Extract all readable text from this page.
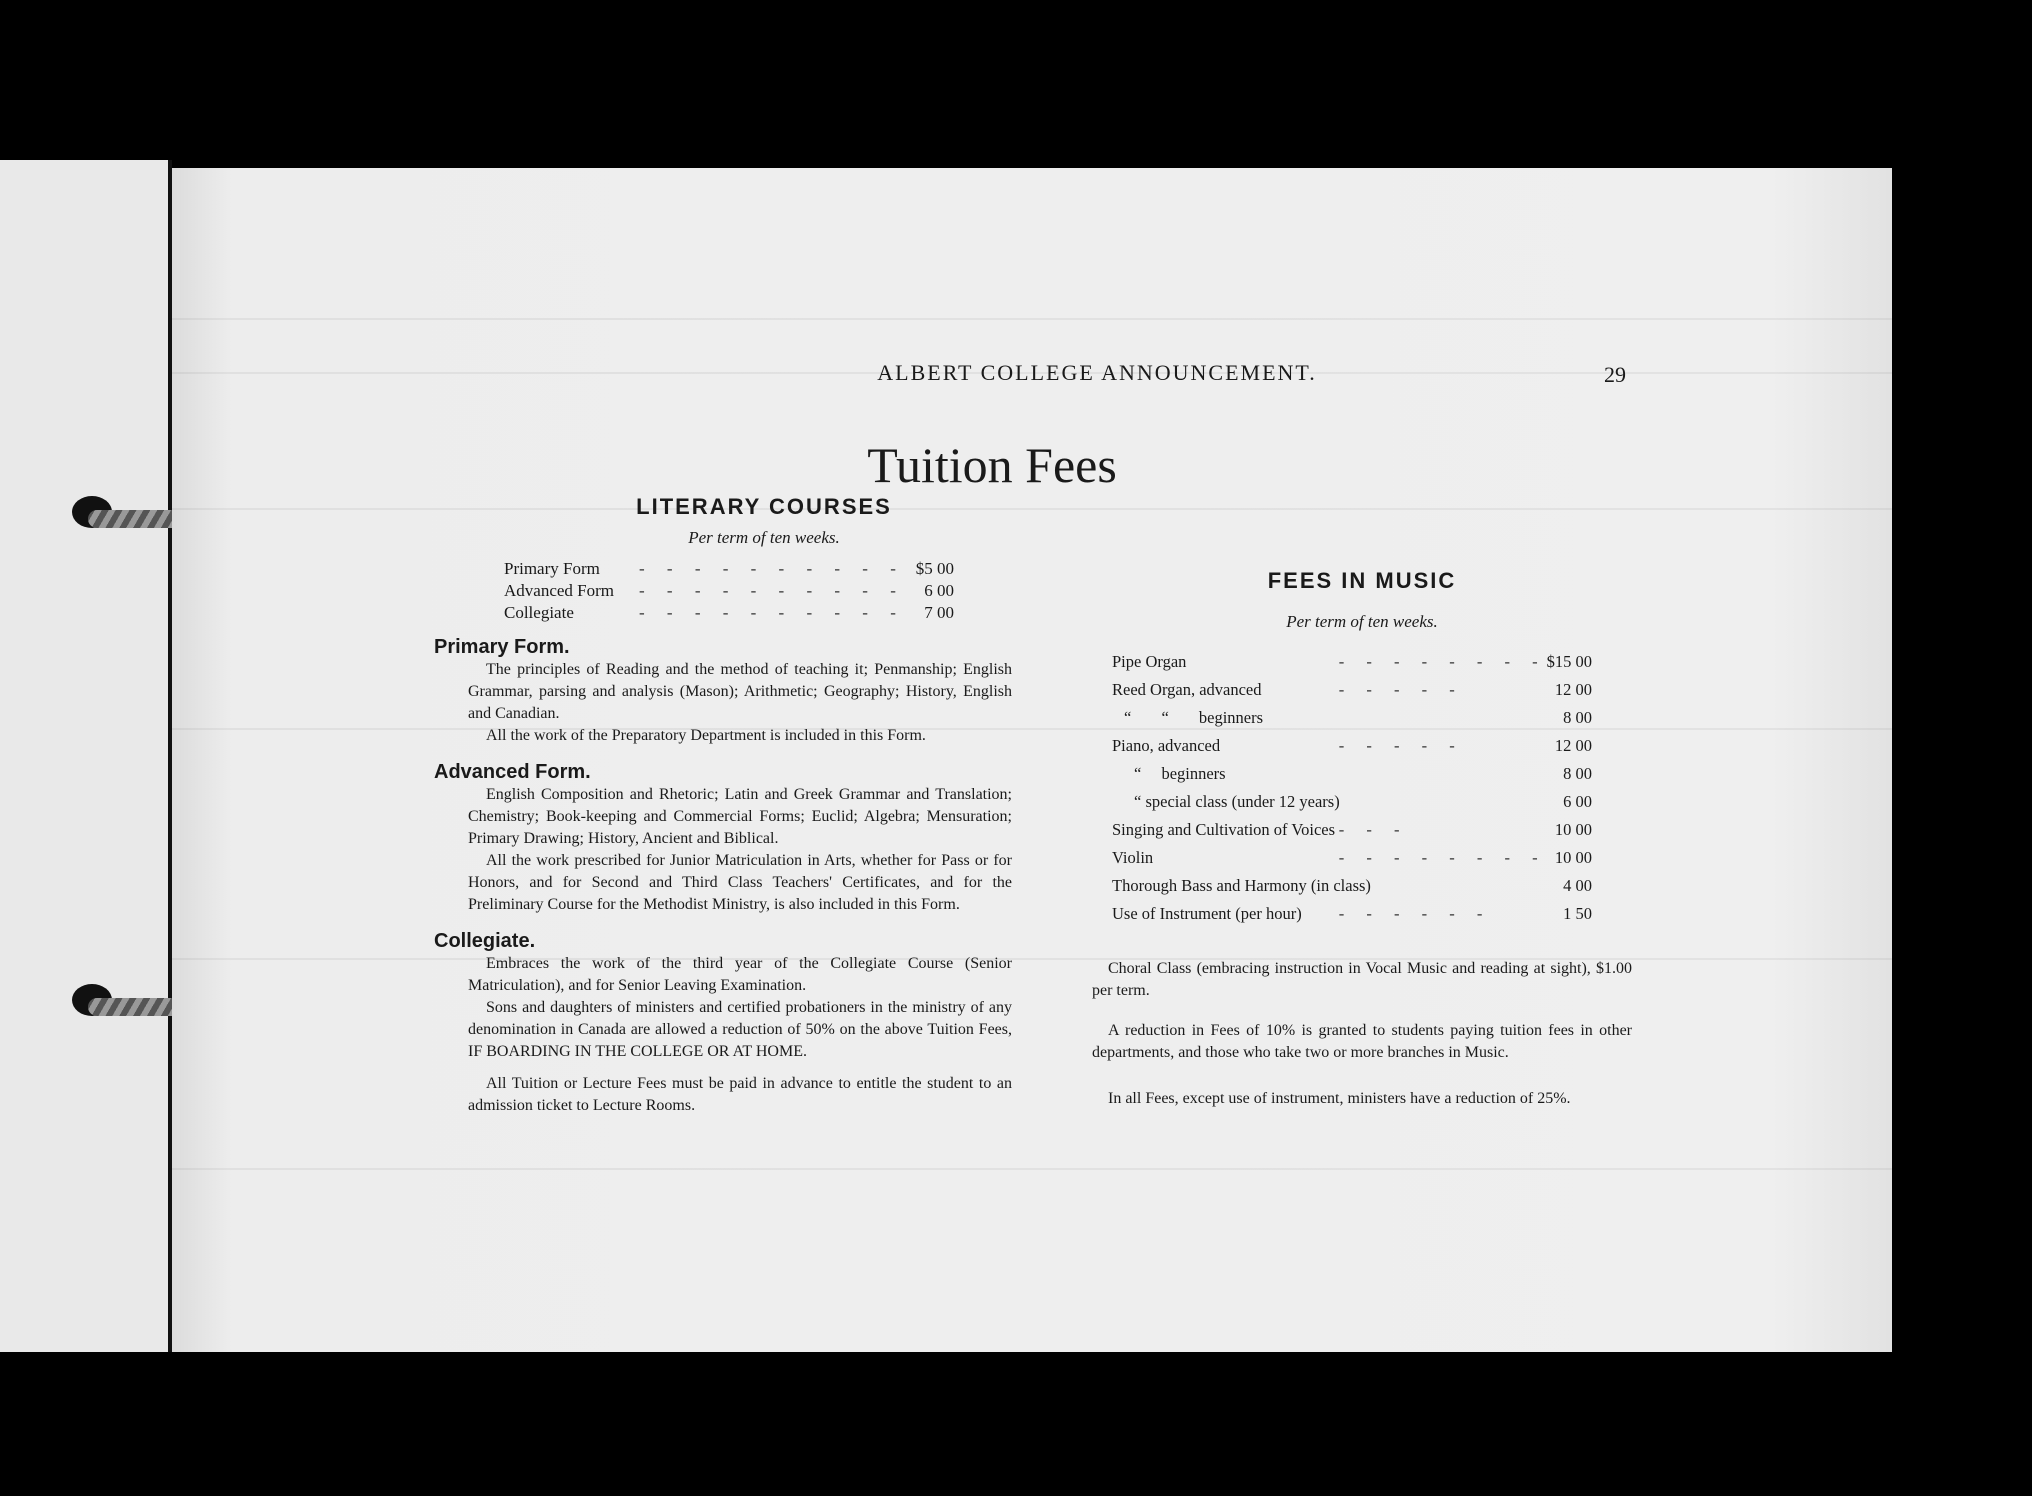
ALBERT COLLEGE ANNOUNCEMENT.	29
Tuition Fees
LITERARY COURSES
Per term of ten weeks.
Primary Form	- - - - - - - - - -	$5 00
Advanced Form	- - - - - - - - - -	6 00
Collegiate	- - - - - - - - - -	7 00
Primary Form.
The principles of Reading and the method of teaching it; Penmanship; English Grammar, parsing and analysis (Mason); Arithmetic; Geography; History, English and Canadian.
All the work of the Preparatory Department is included in this Form.
Advanced Form.
English Composition and Rhetoric; Latin and Greek Grammar and Translation; Chemistry; Book-keeping and Commercial Forms; Euclid; Algebra; Mensuration; Primary Drawing; History, Ancient and Biblical.
All the work prescribed for Junior Matriculation in Arts, whether for Pass or for Honors, and for Second and Third Class Teachers' Certificates, and for the Preliminary Course for the Methodist Ministry, is also included in this Form.
Collegiate.
Embraces the work of the third year of the Collegiate Course (Senior Matriculation), and for Senior Leaving Examination.
Sons and daughters of ministers and certified probationers in the ministry of any denomination in Canada are allowed a reduction of 50% on the above Tuition Fees, IF BOARDING IN THE COLLEGE OR AT HOME.
All Tuition or Lecture Fees must be paid in advance to entitle the student to an admission ticket to Lecture Rooms.
FEES IN MUSIC
Per term of ten weeks.
Pipe Organ	- - - - - - - -	$15 00
Reed Organ, advanced	- - - - -	12 00
“ “ beginners		8 00
Piano, advanced	- - - - -	12 00
“ beginners		8 00
“ special class (under 12 years)		6 00
Singing and Cultivation of Voices	- - -	10 00
Violin	- - - - - - - -	10 00
Thorough Bass and Harmony (in class)		4 00
Use of Instrument (per hour)	- - - - - -	1 50
Choral Class (embracing instruction in Vocal Music and reading at sight), $1.00 per term.
A reduction in Fees of 10% is granted to students paying tuition fees in other departments, and those who take two or more branches in Music.
In all Fees, except use of instrument, ministers have a reduction of 25%.
